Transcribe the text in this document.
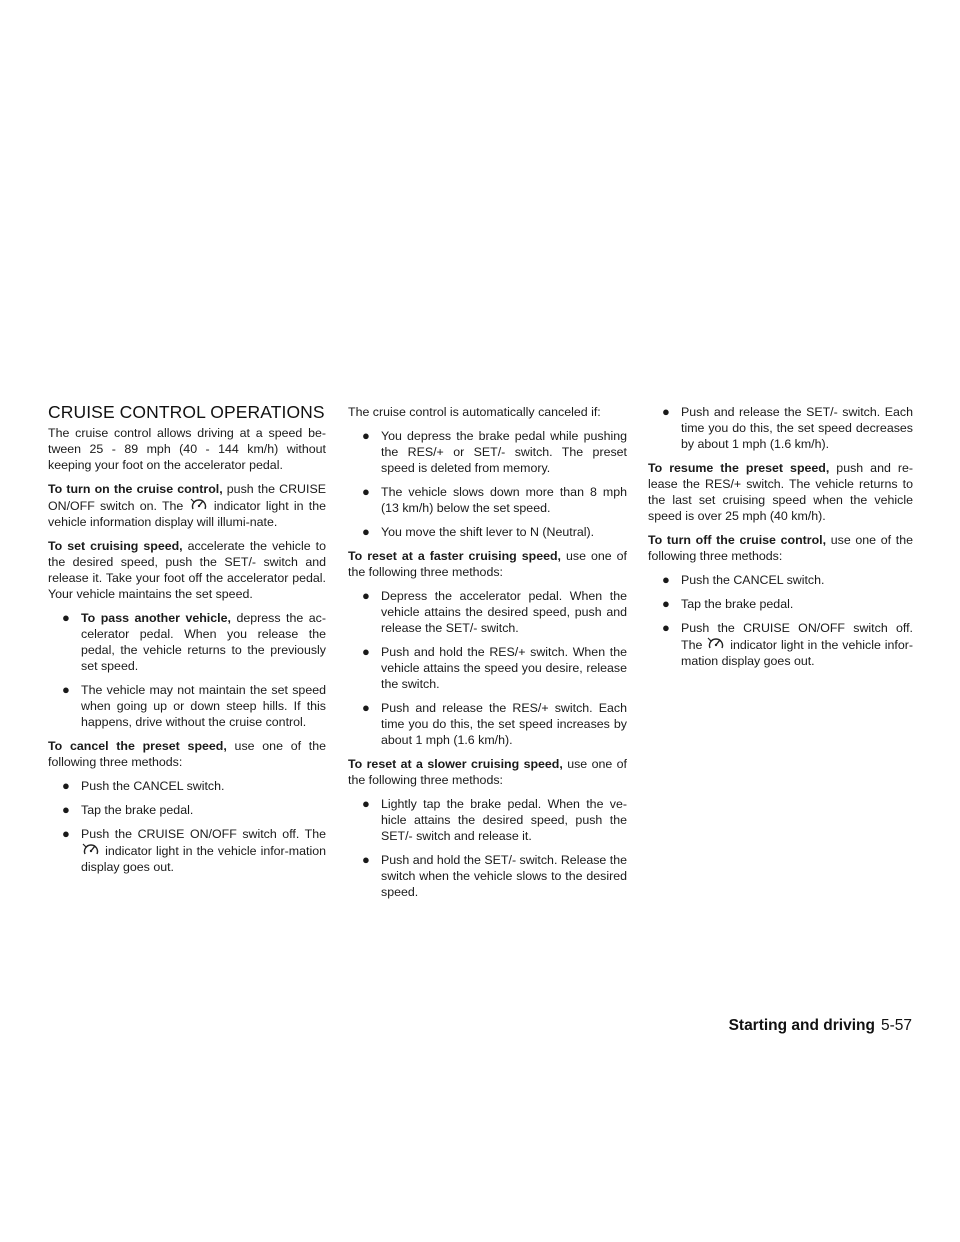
CRUISE CONTROL OPERATIONS

The cruise control allows driving at a speed be-tween 25 - 89 mph (40 - 144 km/h) without keeping your foot on the accelerator pedal.

To turn on the cruise control, push the CRUISE ON/OFF switch on. The  indicator light in the vehicle information display will illumi-nate.

To set cruising speed, accelerate the vehicle to the desired speed, push the SET/- switch and release it. Take your foot off the accelerator pedal. Your vehicle maintains the set speed.

● To pass another vehicle, depress the ac-celerator pedal. When you release the pedal, the vehicle returns to the previously set speed.
● The vehicle may not maintain the set speed when going up or down steep hills. If this happens, drive without the cruise control.

To cancel the preset speed, use one of the following three methods:

● Push the CANCEL switch.
● Tap the brake pedal.
● Push the CRUISE ON/OFF switch off. The  indicator light in the vehicle infor-mation display goes out.

The cruise control is automatically canceled if:

● You depress the brake pedal while pushing the RES/+ or SET/- switch. The preset speed is deleted from memory.
● The vehicle slows down more than 8 mph (13 km/h) below the set speed.
● You move the shift lever to N (Neutral).

To reset at a faster cruising speed, use one of the following three methods:

● Depress the accelerator pedal. When the vehicle attains the desired speed, push and release the SET/- switch.
● Push and hold the RES/+ switch. When the vehicle attains the speed you desire, release the switch.
● Push and release the RES/+ switch. Each time you do this, the set speed increases by about 1 mph (1.6 km/h).

To reset at a slower cruising speed, use one of the following three methods:

● Lightly tap the brake pedal. When the ve-hicle attains the desired speed, push the SET/- switch and release it.
● Push and hold the SET/- switch. Release the switch when the vehicle slows to the desired speed.
● Push and release the SET/- switch. Each time you do this, the set speed decreases by about 1 mph (1.6 km/h).

To resume the preset speed, push and re-lease the RES/+ switch. The vehicle returns to the last set cruising speed when the vehicle speed is over 25 mph (40 km/h).

To turn off the cruise control, use one of the following three methods:

● Push the CANCEL switch.
● Tap the brake pedal.
● Push the CRUISE ON/OFF switch off. The  indicator light in the vehicle infor-mation display goes out.
Starting and driving 5-57
